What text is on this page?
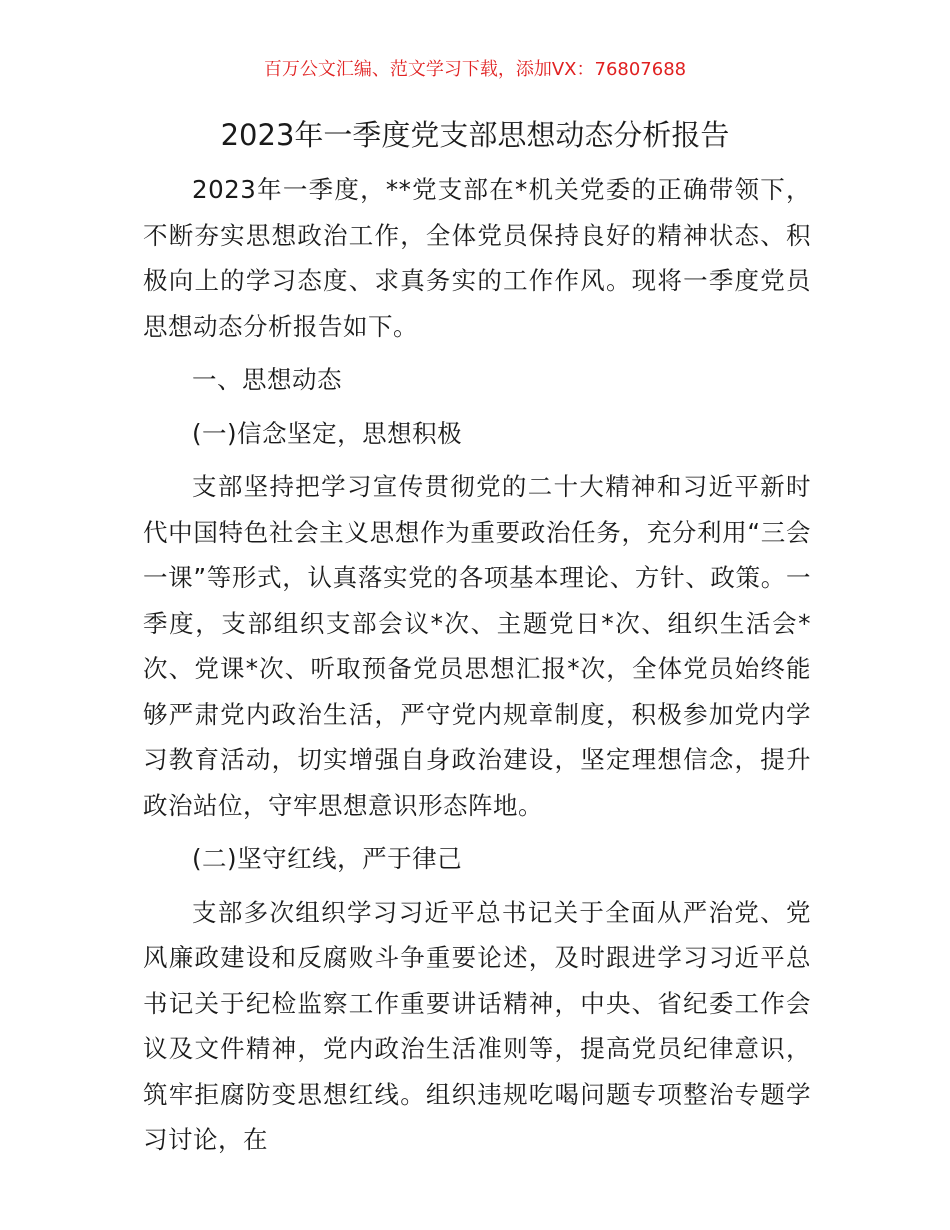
百万公文汇编、范文学习下载，添加VX：76807688
2023年一季度党支部思想动态分析报告

2023年一季度，**党支部在*机关党委的正确带领下，不断夯实思想政治工作，全体党员保持良好的精神状态、积极向上的学习态度、求真务实的工作作风。现将一季度党员思想动态分析报告如下。

一、思想动态

(一)信念坚定，思想积极

支部坚持把学习宣传贯彻党的二十大精神和习近平新时代中国特色社会主义思想作为重要政治任务，充分利用“三会一课”等形式，认真落实党的各项基本理论、方针、政策。一季度，支部组织支部会议*次、主题党日*次、组织生活会*次、党课*次、听取预备党员思想汇报*次，全体党员始终能够严肃党内政治生活，严守党内规章制度，积极参加党内学习教育活动，切实增强自身政治建设，坚定理想信念，提升政治站位，守牢思想意识形态阵地。

(二)坚守红线，严于律己

支部多次组织学习习近平总书记关于全面从严治党、党风廉政建设和反腐败斗争重要论述，及时跟进学习习近平总书记关于纪检监察工作重要讲话精神，中央、省纪委工作会议及文件精神，党内政治生活准则等，提高党员纪律意识，筑牢拒腐防变思想红线。组织违规吃喝问题专项整治专题学习讨论，在
